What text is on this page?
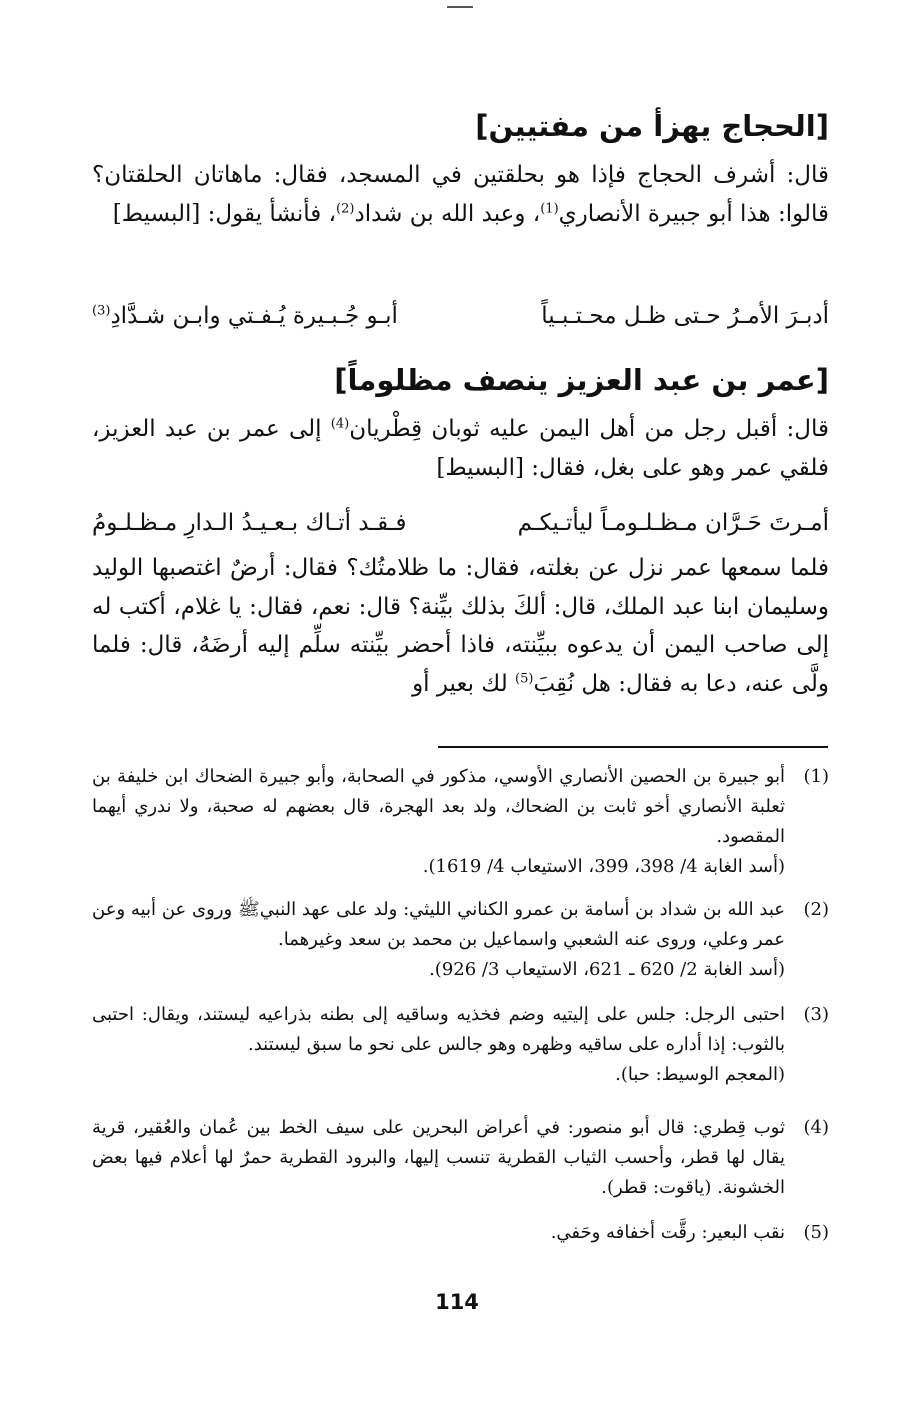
[الحجاج يهزأ من مفتيين]

قال: أشرف الحجاج فإذا هو بحلقتين في المسجد، فقال: ماهاتان الحلقتان؟ قالوا: هذا أبو جبيرة الأنصاري$^{(1)}$، وعبد الله بن شداد$^{(2)}$، فأنشأ يقول: [البسيط]

أدبـرَ الأمـرُ حـتى ظـل محـتـبـياً
أبـو جُـبـيرة يُـفـتي وابـن شـدَّادِ$^{(3)}$
[عمر بن عبد العزيز ينصف مظلوماً]

قال: أقبل رجل من أهل اليمن عليه ثوبان قِطْريان$^{(4)}$ إلى عمر بن عبد العزيز، فلقي عمر وهو على بغل، فقال: [البسيط]

أمـرتَ حَـرَّان مـظـلـومـاً ليأتـيكـم
فـقـد أتـاك بـعـيـدُ الـدارِ مـظـلـومُ

فلما سمعها عمر نزل عن بغلته، فقال: ما ظلامتُك؟ فقال: أرضٌ اغتصبها الوليد وسليمان ابنا عبد الملك، قال: ألكَ بذلك بيِّنة؟ قال: نعم، فقال: يا غلام، أكتب له إلى صاحب اليمن أن يدعوه ببيِّنته، فاذا أحضر بيِّنته سلِّم إليه أرضَهُ، قال: فلما ولَّى عنه، دعا به فقال: هل نُقِبَ$^{(5)}$ لك بعير أو

(1)
أبو جبيرة بن الحصين الأنصاري الأوسي، مذكور في الصحابة، وأبو جبيرة الضحاك ابن خليفة بن ثعلبة الأنصاري أخو ثابت بن الضحاك، ولد بعد الهجرة، قال بعضهم له صحبة، ولا ندري أيهما المقصود.
(أسد الغابة 4/ 398، 399، الاستيعاب 4/ 1619).
(2)
عبد الله بن شداد بن أسامة بن عمرو الكناني الليثي: ولد على عهد النبيﷺ وروى عن أبيه وعن عمر وعلي، وروى عنه الشعبي واسماعيل بن محمد بن سعد وغيرهما.
(أسد الغابة 2/ 620 ـ 621، الاستيعاب 3/ 926).
(3)
احتبى الرجل: جلس على إليتيه وضم فخذيه وساقيه إلى بطنه بذراعيه ليستند، ويقال: احتبى بالثوب: إذا أداره على ساقيه وظهره وهو جالس على نحو ما سبق ليستند.
(المعجم الوسيط: حبا).
(4)
ثوب قِطري: قال أبو منصور: في أعراض البحرين على سيف الخط بين عُمان والعُقير، قرية يقال لها قطر، وأحسب الثياب القطرية تنسب إليها، والبرود القطرية حمرٌ لها أعلام فيها بعض الخشونة. (ياقوت: قطر).
(5)
نقب البعير: رقَّت أخفافه وحَفي.
114
